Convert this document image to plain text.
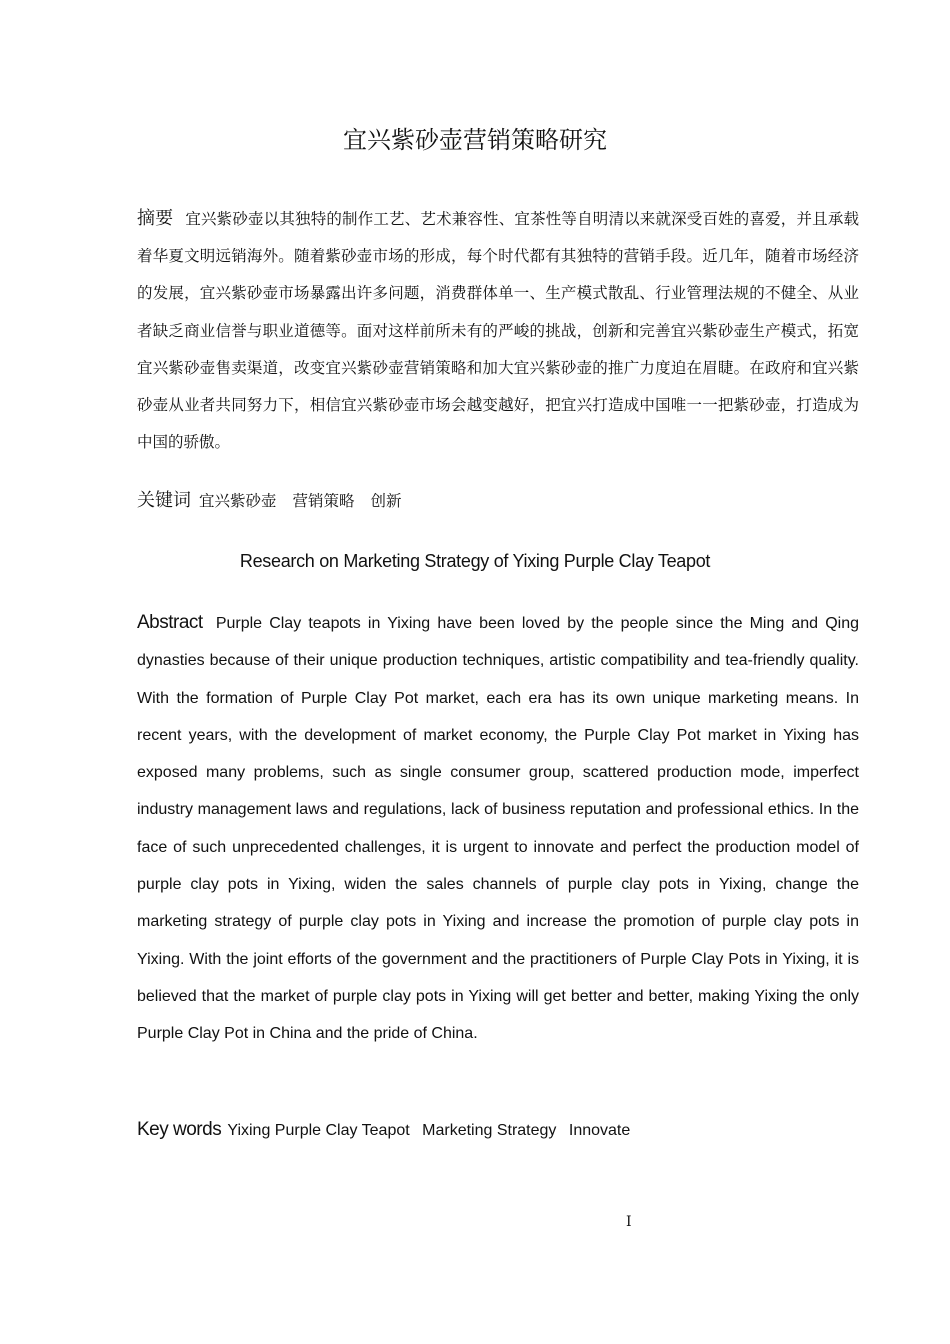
宜兴紫砂壶营销策略研究

摘要 宜兴紫砂壶以其独特的制作工艺、艺术兼容性、宜茶性等自明清以来就深受百姓的喜爱，并且承载着华夏文明远销海外。随着紫砂壶市场的形成，每个时代都有其独特的营销手段。近几年，随着市场经济的发展，宜兴紫砂壶市场暴露出许多问题，消费群体单一、生产模式散乱、行业管理法规的不健全、从业者缺乏商业信誉与职业道德等。面对这样前所未有的严峻的挑战，创新和完善宜兴紫砂壶生产模式，拓宽宜兴紫砂壶售卖渠道，改变宜兴紫砂壶营销策略和加大宜兴紫砂壶的推广力度迫在眉睫。在政府和宜兴紫砂壶从业者共同努力下，相信宜兴紫砂壶市场会越变越好，把宜兴打造成中国唯一一把紫砂壶，打造成为中国的骄傲。

关键词 宜兴紫砂壶 营销策略 创新

Research on Marketing Strategy of Yixing Purple Clay Teapot

Abstract Purple Clay teapots in Yixing have been loved by the people since the Ming and Qing dynasties because of their unique production techniques, artistic compatibility and tea-friendly quality. With the formation of Purple Clay Pot market, each era has its own unique marketing means. In recent years, with the development of market economy, the Purple Clay Pot market in Yixing has exposed many problems, such as single consumer group, scattered production mode, imperfect industry management laws and regulations, lack of business reputation and professional ethics. In the face of such unprecedented challenges, it is urgent to innovate and perfect the production model of purple clay pots in Yixing, widen the sales channels of purple clay pots in Yixing, change the marketing strategy of purple clay pots in Yixing and increase the promotion of purple clay pots in Yixing. With the joint efforts of the government and the practitioners of Purple Clay Pots in Yixing, it is believed that the market of purple clay pots in Yixing will get better and better, making Yixing the only Purple Clay Pot in China and the pride of China.

Key words Yixing Purple Clay Teapot Marketing Strategy Innovate

I
